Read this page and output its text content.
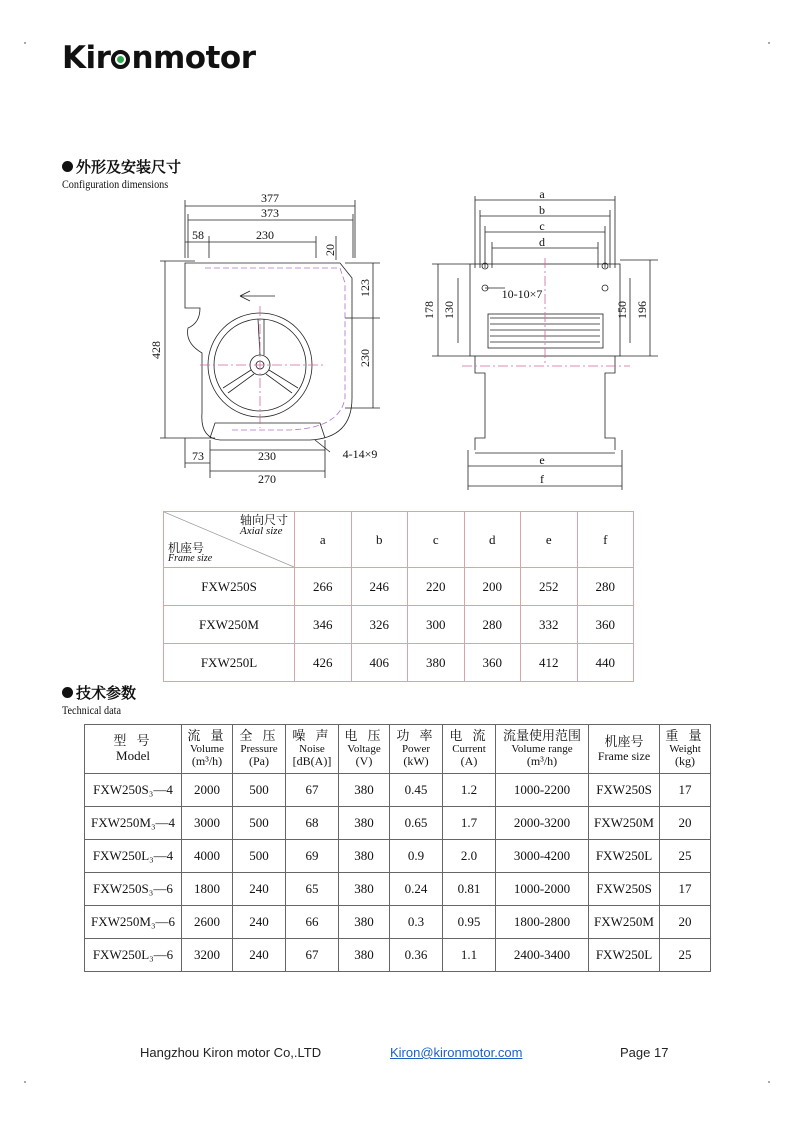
Kir nmotor
外形及安装尺寸
Configuration dimensions
377
373
58	230
20
123
230
428
73	230
270
4-14×9
a
b
c
d
e
f
10-10×7
178 130	150 196
轴向尺寸
Axial size
机座号
Frame size	a	b	c	d	e	f
FXW250S	266	246	220	200	252	280
FXW250M	346	326	300	280	332	360
FXW250L	426	406	380	360	412	440
技术参数
Technical data
型 号
Model	流 量
Volume
(m³/h)	全 压
Pressure
(Pa)	噪 声
Noise
[dB(A)]	电 压
Voltage
(V)	功 率
Power
(kW)	电 流
Current
(A)	流量使用范围
Volume range
(m³/h)	机座号
Frame size	重 量
Weight
(kg)

FXW250S₃—4	2000	500	67	380	0.45	1.2	1000-2200	FXW250S	17
FXW250M₃—4	3000	500	68	380	0.65	1.7	2000-3200	FXW250M	20
FXW250L₃—4	4000	500	69	380	0.9	2.0	3000-4200	FXW250L	25
FXW250S₃—6	1800	240	65	380	0.24	0.81	1000-2000	FXW250S	17
FXW250M₃—6	2600	240	66	380	0.3	0.95	1800-2800	FXW250M	20
FXW250L₃—6	3200	240	67	380	0.36	1.1	2400-3400	FXW250L	25
Hangzhou Kiron motor Co,.LTD	Kiron@kironmotor.com	Page 17
